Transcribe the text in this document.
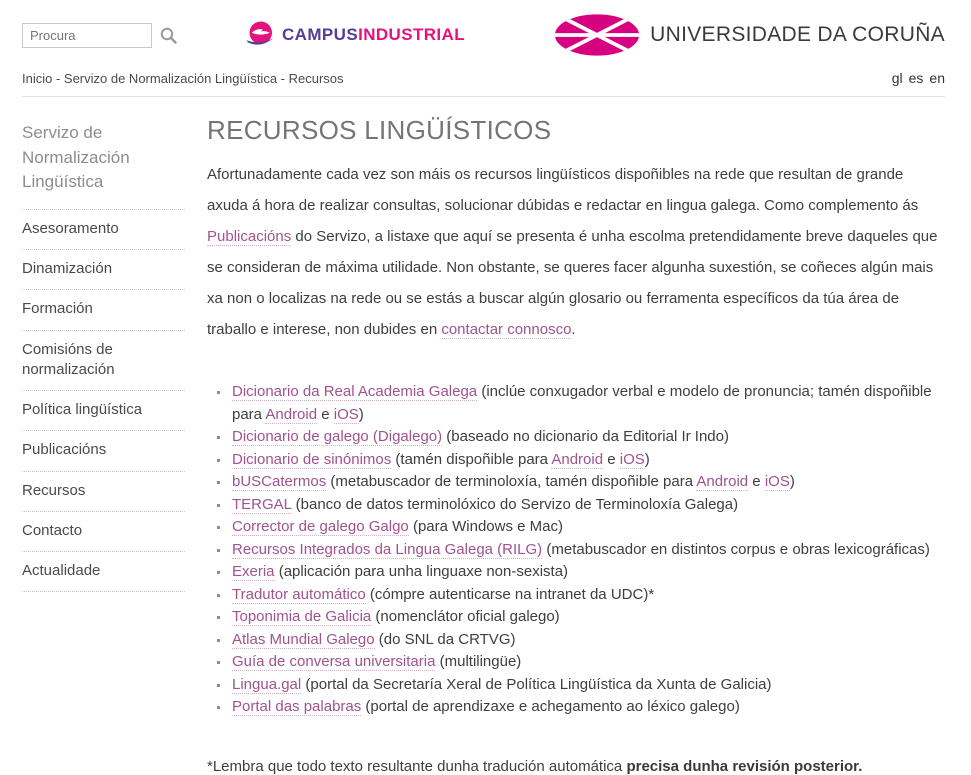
Procura
CAMPUSINDUSTRIAL	UNIVERSIDADE DA CORUÑA
Inicio - Servizo de Normalización Lingüística - Recursos	gl es en
Servizo de Normalización Lingüística
Asesoramento
Dinamización
Formación
Comisións de normalización
Política lingüística
Publicacións
Recursos
Contacto
Actualidade
RECURSOS LINGÜÍSTICOS

Afortunadamente cada vez son máis os recursos lingüísticos dispoñibles na rede que resultan de grande axuda á hora de realizar consultas, solucionar dúbidas e redactar en lingua galega. Como complemento ás Publicacións do Servizo, a listaxe que aquí se presenta é unha escolma pretendidamente breve daqueles que se consideran de máxima utilidade. Non obstante, se queres facer algunha suxestión, se coñeces algún mais xa non o localizas na rede ou se estás a buscar algún glosario ou ferramenta específicos da túa área de traballo e interese, non dubides en contactar connosco.

Dicionario da Real Academia Galega (inclúe conxugador verbal e modelo de pronuncia; tamén dispoñible para Android e iOS)
Dicionario de galego (Digalego) (baseado no dicionario da Editorial Ir Indo)
Dicionario de sinónimos (tamén dispoñible para Android e iOS)
bUSCatermos (metabuscador de terminoloxía, tamén dispoñible para Android e iOS)
TERGAL (banco de datos terminolóxico do Servizo de Terminoloxía Galega)
Corrector de galego Galgo (para Windows e Mac)
Recursos Integrados da Lingua Galega (RILG) (metabuscador en distintos corpus e obras lexicográficas)
Exeria (aplicación para unha linguaxe non-sexista)
Tradutor automático (cómpre autenticarse na intranet da UDC)*
Toponimia de Galicia (nomenclátor oficial galego)
Atlas Mundial Galego (do SNL da CRTVG)
Guía de conversa universitaria (multilingüe)
Lingua.gal (portal da Secretaría Xeral de Política Lingüística da Xunta de Galicia)
Portal das palabras (portal de aprendizaxe e achegamento ao léxico galego)

*Lembra que todo texto resultante dunha tradución automática precisa dunha revisión posterior.
